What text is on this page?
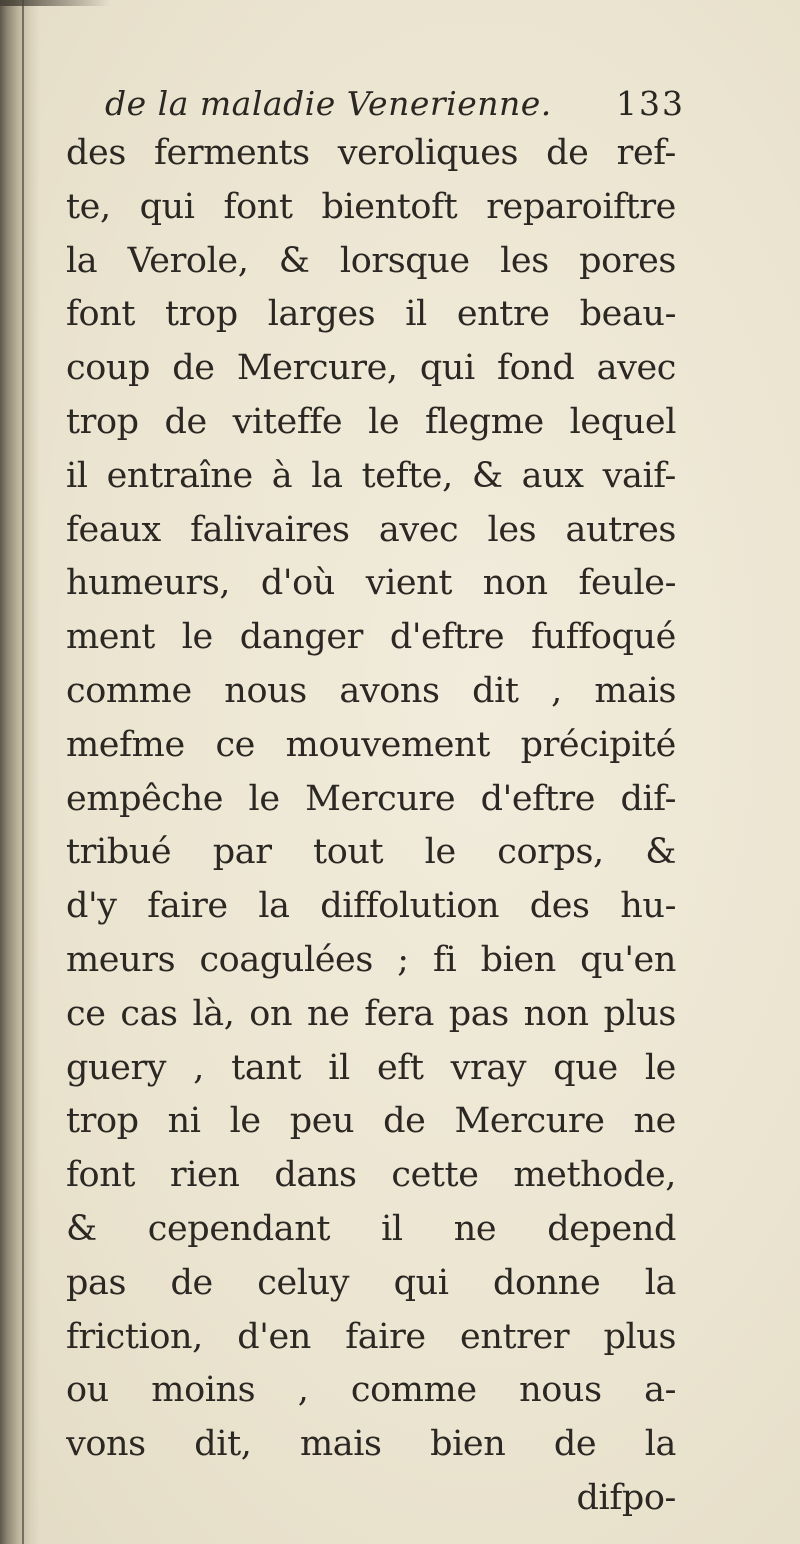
de la maladie Venerienne. 133
des ferments veroliques de ref-
te, qui font bientoft reparoiftre
la Verole, & lorsque les pores
font trop larges il entre beau-
coup de Mercure, qui fond avec
trop de viteffe le flegme lequel
il entraîne à la tefte, & aux vaif-
feaux falivaires avec les autres
humeurs, d'où vient non feule-
ment le danger d'eftre fuffoqué
comme nous avons dit , mais
mefme ce mouvement précipité
empêche le Mercure d'eftre dif-
tribué par tout le corps, &
d'y faire la diffolution des hu-
meurs coagulées ; fi bien qu'en
ce cas là, on ne fera pas non plus
guery , tant il eft vray que le
trop ni le peu de Mercure ne
font rien dans cette methode,
& cependant il ne depend
pas de celuy qui donne la
friction, d'en faire entrer plus
ou moins , comme nous a-
vons dit, mais bien de la
difpo-
